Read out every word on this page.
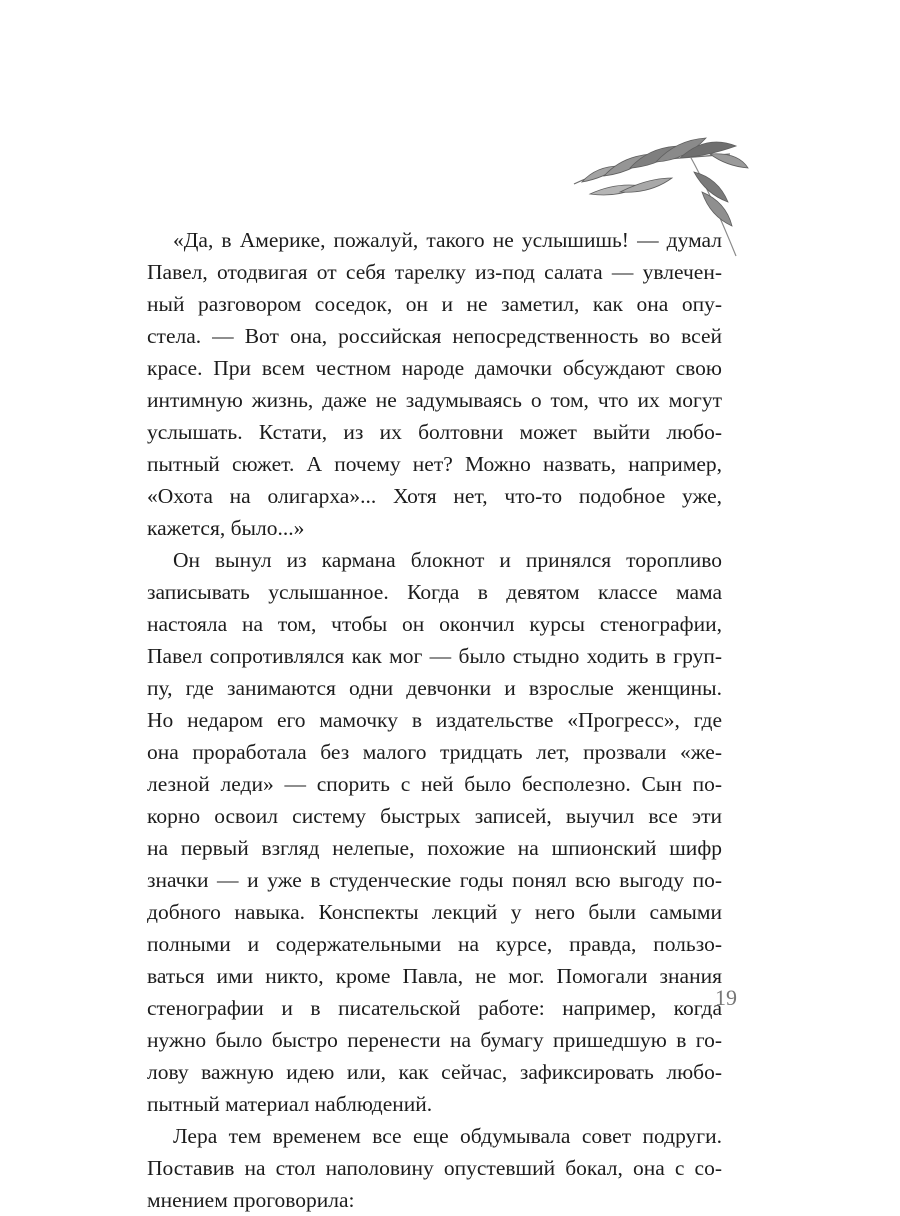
«Да, в Америке, пожалуй, такого не услышишь! — думал
Павел, отодвигая от себя тарелку из-под салата — увлечен-
ный разговором соседок, он и не заметил, как она опу-
стела. — Вот она, российская непосредственность во всей
красе. При всем честном народе дамочки обсуждают свою
интимную жизнь, даже не задумываясь о том, что их могут
услышать. Кстати, из их болтовни может выйти любо-
пытный сюжет. А почему нет? Можно назвать, например,
«Охота на олигарха»... Хотя нет, что-то подобное уже,
кажется, было...»
Он вынул из кармана блокнот и принялся торопливо
записывать услышанное. Когда в девятом классе мама
настояла на том, чтобы он окончил курсы стенографии,
Павел сопротивлялся как мог — было стыдно ходить в груп-
пу, где занимаются одни девчонки и взрослые женщины.
Но недаром его мамочку в издательстве «Прогресс», где
она проработала без малого тридцать лет, прозвали «же-
лезной леди» — спорить с ней было бесполезно. Сын по-
корно освоил систему быстрых записей, выучил все эти
на первый взгляд нелепые, похожие на шпионский шифр
значки — и уже в студенческие годы понял всю выгоду по-
добного навыка. Конспекты лекций у него были самыми
полными и содержательными на курсе, правда, пользо-
ваться ими никто, кроме Павла, не мог. Помогали знания
стенографии и в писательской работе: например, когда
нужно было быстро перенести на бумагу пришедшую в го-
лову важную идею или, как сейчас, зафиксировать любо-
пытный материал наблюдений.
Лера тем временем все еще обдумывала совет подруги.
Поставив на стол наполовину опустевший бокал, она с со-
мнением проговорила:
19
